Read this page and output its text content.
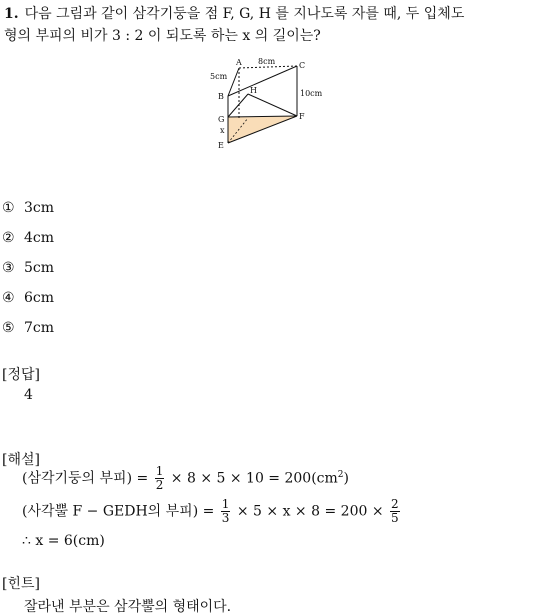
1. 다음 그림과 같이 삼각기둥을 점 F, G, H 를 지나도록 자를 때, 두 입체도
형의 부피의 비가 3 : 2 이 되도록 하는 x 의 길이는?
A 8cm	C
5cm
B
H	10cm
G
x
F
E
① 3cm
② 4cm
③ 5cm
④ 6cm
⑤ 7cm
[정답]
4
[해설]
(삼각기둥의 부피) = $\frac{1}{2} \times 8 \times 5 \times 10 = 200(cm^2)$
(사각뿔 F − GEDH의 부피) = $\frac{1}{3} \times 5 \times x \times 8 = 200 \times \frac{2}{5}$
∴ x = 6(cm)
[힌트]
잘라낸 부분은 삼각뿔의 형태이다.
